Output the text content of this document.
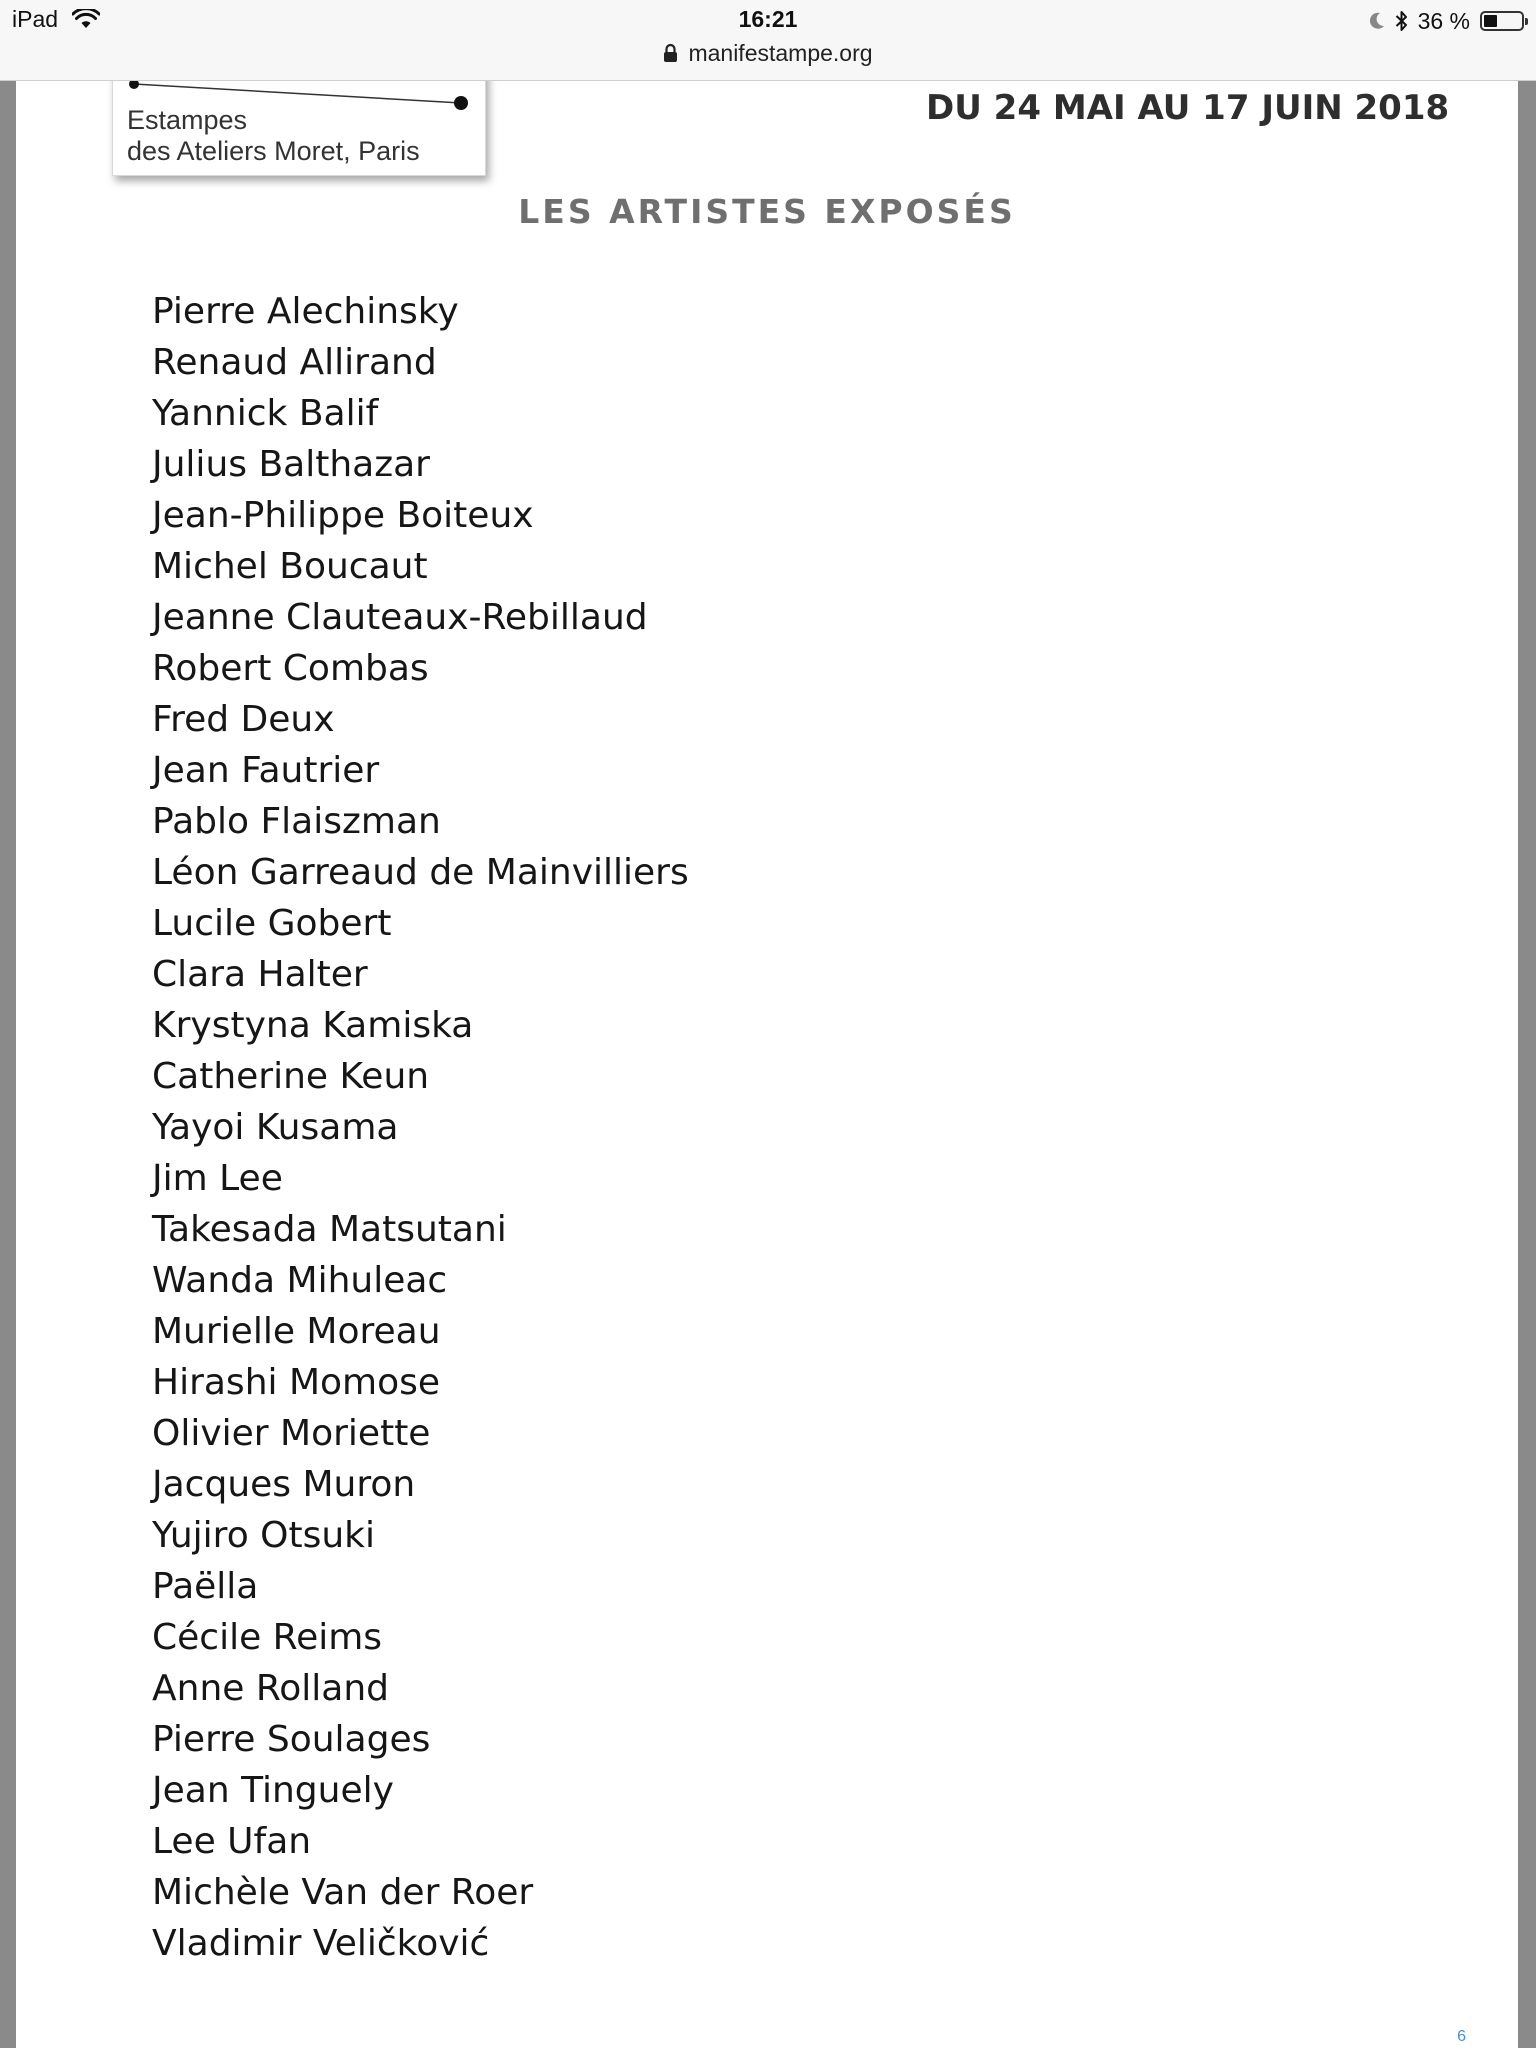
iPad	16:21
manifestampe.org
36 %
Estampes
des Ateliers Moret, Paris
DU 24 MAI AU 17 JUIN 2018
LES ARTISTES EXPOSÉS
Pierre Alechinsky
Renaud Allirand
Yannick Balif
Julius Balthazar
Jean-Philippe Boiteux
Michel Boucaut
Jeanne Clauteaux-Rebillaud
Robert Combas
Fred Deux
Jean Fautrier
Pablo Flaiszman
Léon Garreaud de Mainvilliers
Lucile Gobert
Clara Halter
Krystyna Kamiska
Catherine Keun
Yayoi Kusama
Jim Lee
Takesada Matsutani
Wanda Mihuleac
Murielle Moreau
Hirashi Momose
Olivier Moriette
Jacques Muron
Yujiro Otsuki
Paëlla
Cécile Reims
Anne Rolland
Pierre Soulages
Jean Tinguely
Lee Ufan
Michèle Van der Roer
Vladimir Veličković
6
